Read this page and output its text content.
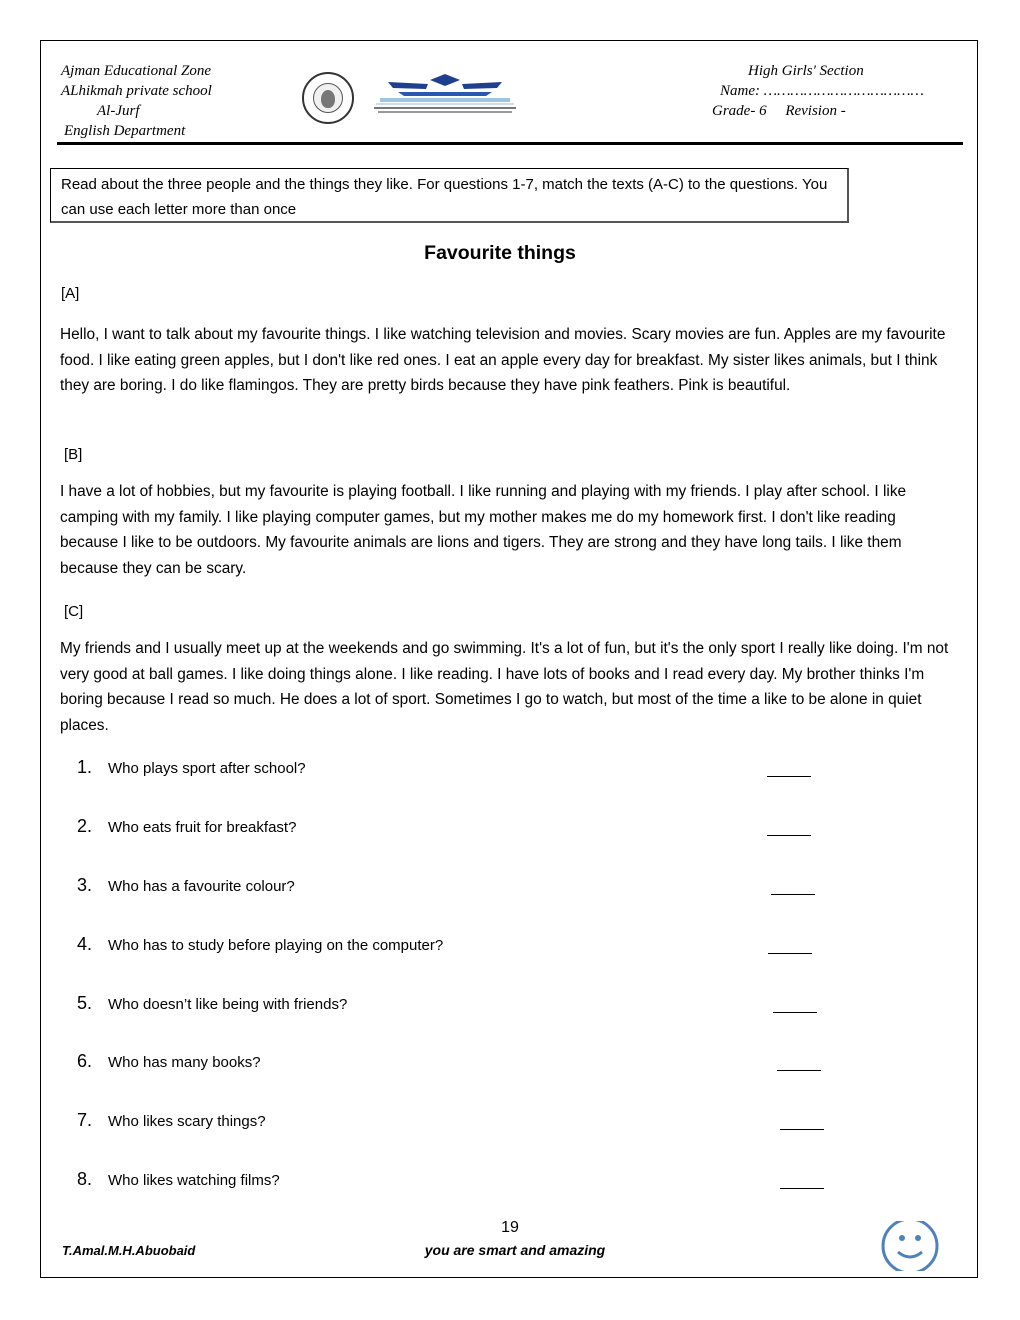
Ajman Educational Zone
ALhikmah private school
Al-Jurf
English Department
High Girls' Section
Name: ………………………………
Grade- 6     Revision -
Read about the three people and the things they like. For questions 1-7, match the texts (A-C) to the questions. You can use each letter more than once
Favourite things
[A]
Hello, I want to talk about my favourite things. I like watching television and movies. Scary movies are fun. Apples are my favourite food. I like eating green apples, but I don't like red ones. I eat an apple every day for breakfast. My sister likes animals, but I think they are boring. I do like flamingos. They are pretty birds because they have pink feathers. Pink is beautiful.
[B]
I have a lot of hobbies, but my favourite is playing football. I like running and playing with my friends. I play after school. I like camping with my family. I like playing computer games, but my mother makes me do my homework first. I don't like reading because I like to be outdoors. My favourite animals are lions and tigers. They are strong and they have long tails. I like them because they can be scary.
[C]
My friends and I usually meet up at the weekends and go swimming. It's a lot of fun, but it's the only sport I really like doing. I'm not very good at ball games. I like doing things alone. I like reading. I have lots of books and I read every day. My brother thinks I'm boring because I read so much. He does a lot of sport. Sometimes I go to watch, but most of the time a like to be alone in quiet places.
1. Who plays sport after school?
2. Who eats fruit for breakfast?
3. Who has a favourite colour?
4. Who has to study before playing on the computer?
5. Who doesn’t like being with friends?
6. Who has many books?
7. Who likes scary things?
8. Who likes watching films?
19
T.Amal.M.H.Abuobaid	you are smart and amazing
